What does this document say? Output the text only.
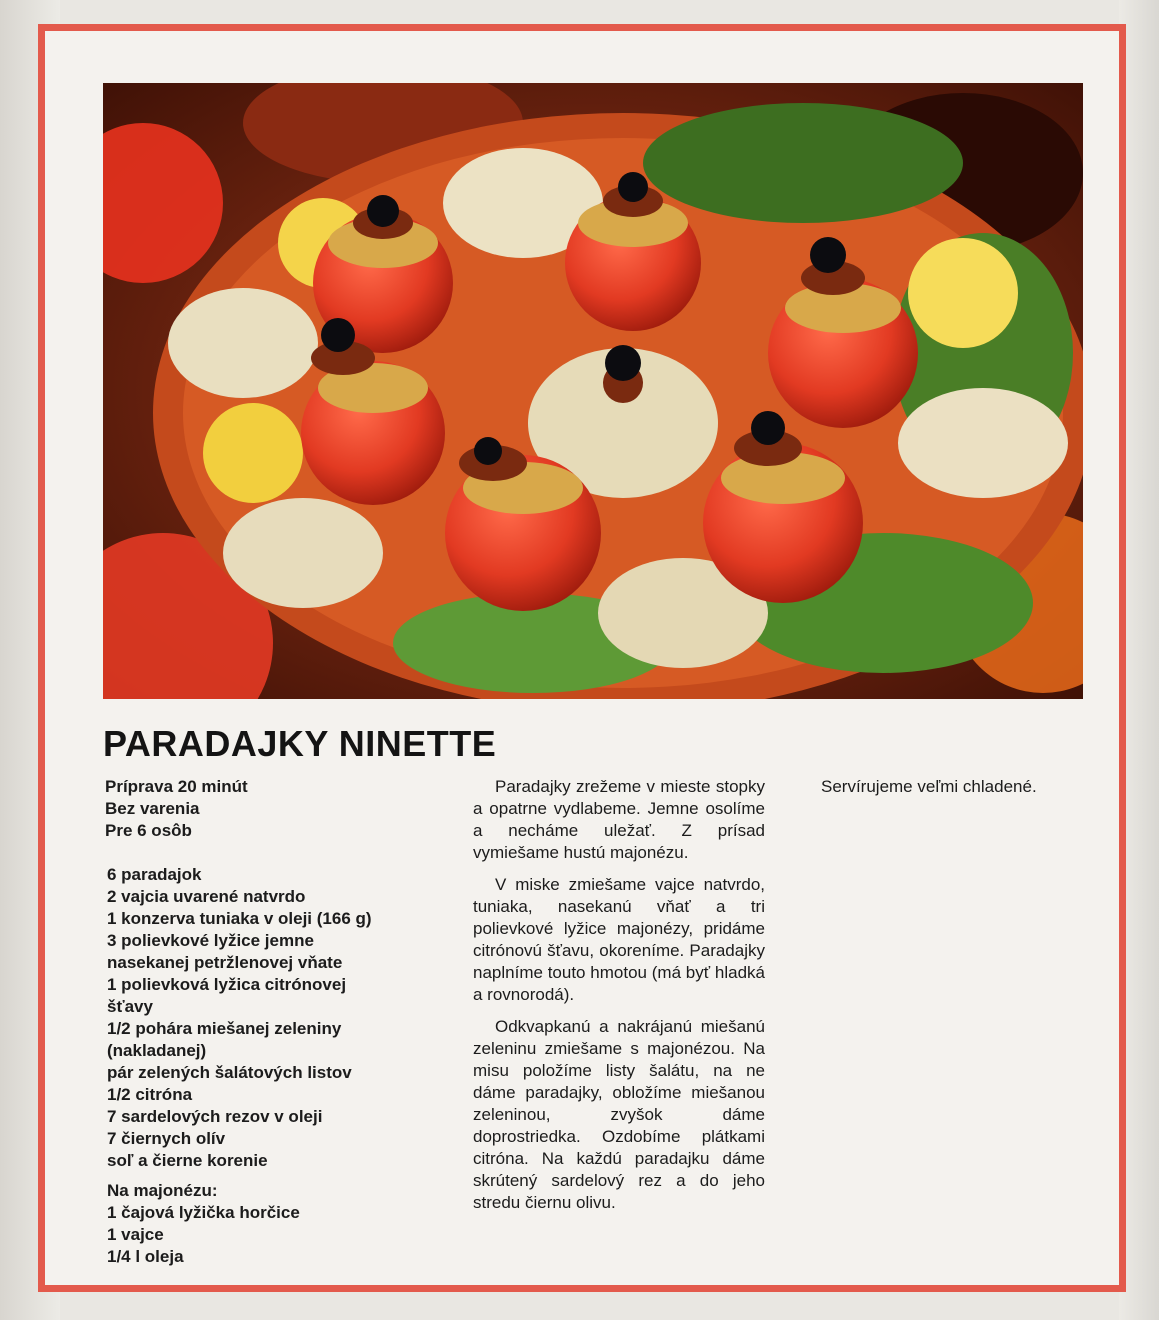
PARADAJKY NINETTE
Príprava 20 minút
Bez varenia
Pre 6 osôb
6 paradajok
2 vajcia uvarené natvrdo
1 konzerva tuniaka v oleji (166 g)
3 polievkové lyžice jemne
nasekanej petržlenovej vňate
1 polievková lyžica citrónovej
šťavy
1/2 pohára miešanej zeleniny
(nakladanej)
pár zelených šalátových listov
1/2 citróna
7 sardelových rezov v oleji
7 čiernych olív
soľ a čierne korenie
Na majonézu:
1 čajová lyžička horčice
1 vajce
1/4 l oleja

Paradajky zrežeme v mieste stopky a opatrne vydlabeme. Jemne osolíme a necháme uležať. Z prísad vymiešame hustú majonézu.

V miske zmiešame vajce natvrdo, tuniaka, nasekanú vňať a tri polievkové lyžice majonézy, pridáme citrónovú šťavu, okoreníme. Paradajky naplníme touto hmotou (má byť hladká a rovnorodá).

Odkvapkanú a nakrájanú miešanú zeleninu zmiešame s majonézou. Na misu položíme listy šalátu, na ne dáme paradajky, obložíme miešanou zeleninou, zvyšok dáme doprostriedka. Ozdobíme plátkami citróna. Na každú paradajku dáme skrútený sardelový rez a do jeho stredu čiernu olivu.

Servírujeme veľmi chladené.
